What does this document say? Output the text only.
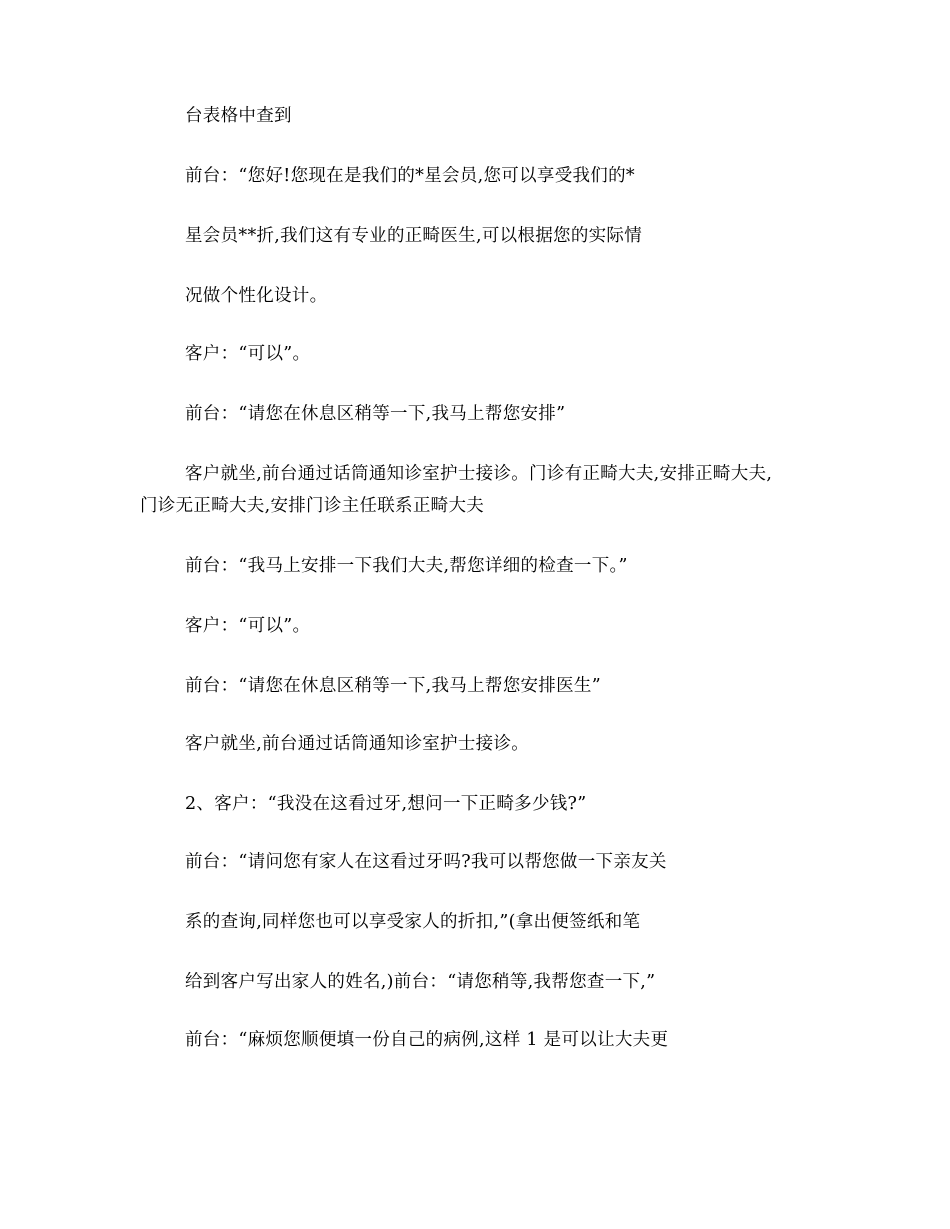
台表格中查到
前台：“您好!您现在是我们的*星会员,您可以享受我们的*
星会员**折,我们这有专业的正畸医生,可以根据您的实际情
况做个性化设计。
客户：“可以”。
前台：“请您在休息区稍等一下,我马上帮您安排”
客户就坐,前台通过话筒通知诊室护士接诊。门诊有正畸大夫,安排正畸大夫,
门诊无正畸大夫,安排门诊主任联系正畸大夫
前台：“我马上安排一下我们大夫,帮您详细的检查一下。”
客户：“可以”。
前台：“请您在休息区稍等一下,我马上帮您安排医生”
客户就坐,前台通过话筒通知诊室护士接诊。
2、客户：“我没在这看过牙,想问一下正畸多少钱?”
前台：“请问您有家人在这看过牙吗?我可以帮您做一下亲友关
系的查询,同样您也可以享受家人的折扣,”(拿出便签纸和笔
给到客户写出家人的姓名,)前台：“请您稍等,我帮您查一下,”
前台：“麻烦您顺便填一份自己的病例,这样 1 是可以让大夫更
